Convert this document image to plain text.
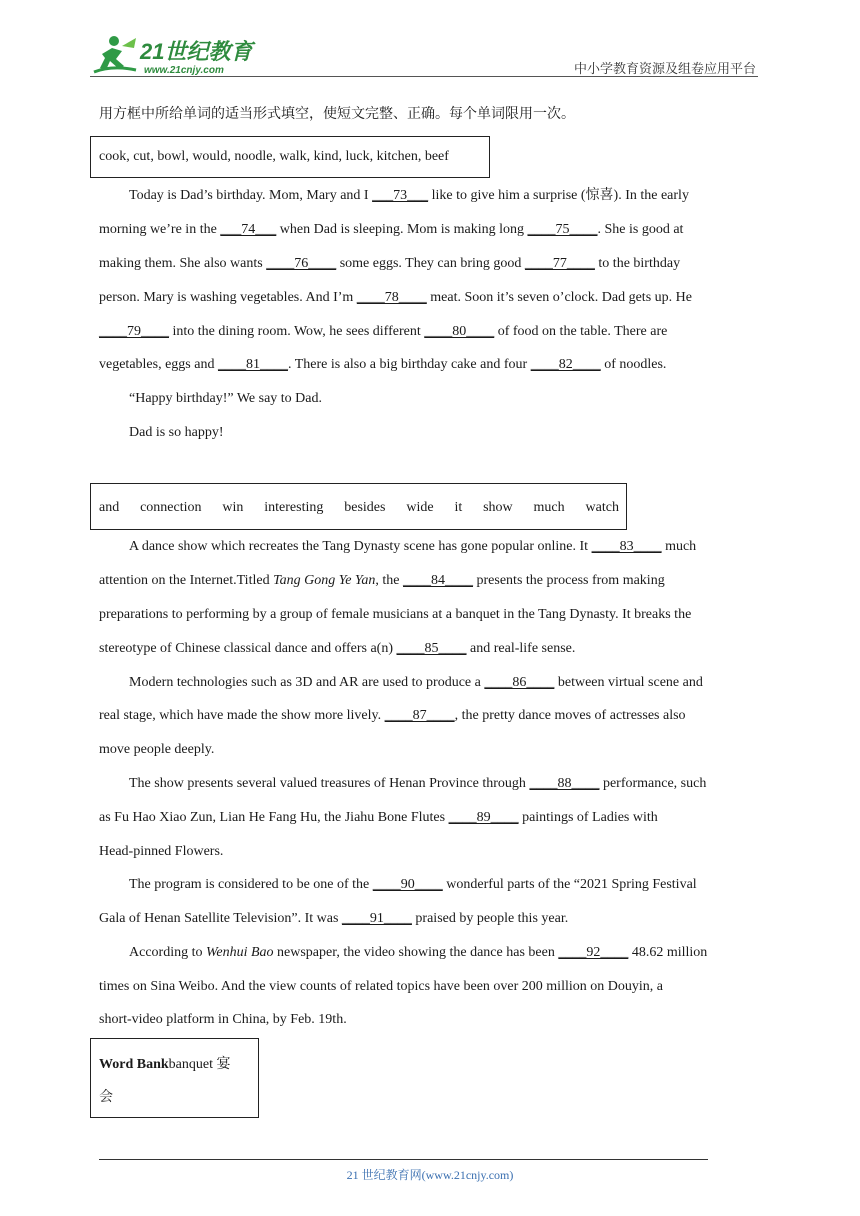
21世纪教育
www.21cnjy.com	中小学教育资源及组卷应用平台
用方框中所给单词的适当形式填空，使短文完整、正确。每个单词限用一次。
cook, cut, bowl, would, noodle, walk, kind, luck, kitchen, beef
Today is Dad’s birthday. Mom, Mary and I ___73___ like to give him a surprise (惊喜). In the early
morning we’re in the ___74___ when Dad is sleeping. Mom is making long ____75____. She is good at
making them. She also wants ____76____ some eggs. They can bring good ____77____ to the birthday
person. Mary is washing vegetables. And I’m ____78____ meat. Soon it’s seven o’clock. Dad gets up. He
____79____ into the dining room. Wow, he sees different ____80____ of food on the table. There are
vegetables, eggs and ____81____. There is also a big birthday cake and four ____82____ of noodles.
“Happy birthday!” We say to Dad.
Dad is so happy!
and connection win interesting besides wide it show much watch
A dance show which recreates the Tang Dynasty scene has gone popular online. It ____83____ much
attention on the Internet.Titled Tang Gong Ye Yan, the ____84____ presents the process from making
preparations to performing by a group of female musicians at a banquet in the Tang Dynasty. It breaks the
stereotype of Chinese classical dance and offers a(n) ____85____ and real-life sense.
Modern technologies such as 3D and AR are used to produce a ____86____ between virtual scene and
real stage, which have made the show more lively. ____87____, the pretty dance moves of actresses also
move people deeply.
The show presents several valued treasures of Henan Province through ____88____ performance, such
as Fu Hao Xiao Zun, Lian He Fang Hu, the Jiahu Bone Flutes ____89____ paintings of Ladies with
Head-pinned Flowers.
The program is considered to be one of the ____90____ wonderful parts of the “2021 Spring Festival
Gala of Henan Satellite Television”. It was ____91____ praised by people this year.
According to Wenhui Bao newspaper, the video showing the dance has been ____92____ 48.62 million
times on Sina Weibo. And the view counts of related topics have been over 200 million on Douyin, a
short-video platform in China, by Feb. 19th.
Word Bankbanquet 宴
会
21 世纪教育网(www.21cnjy.com)
